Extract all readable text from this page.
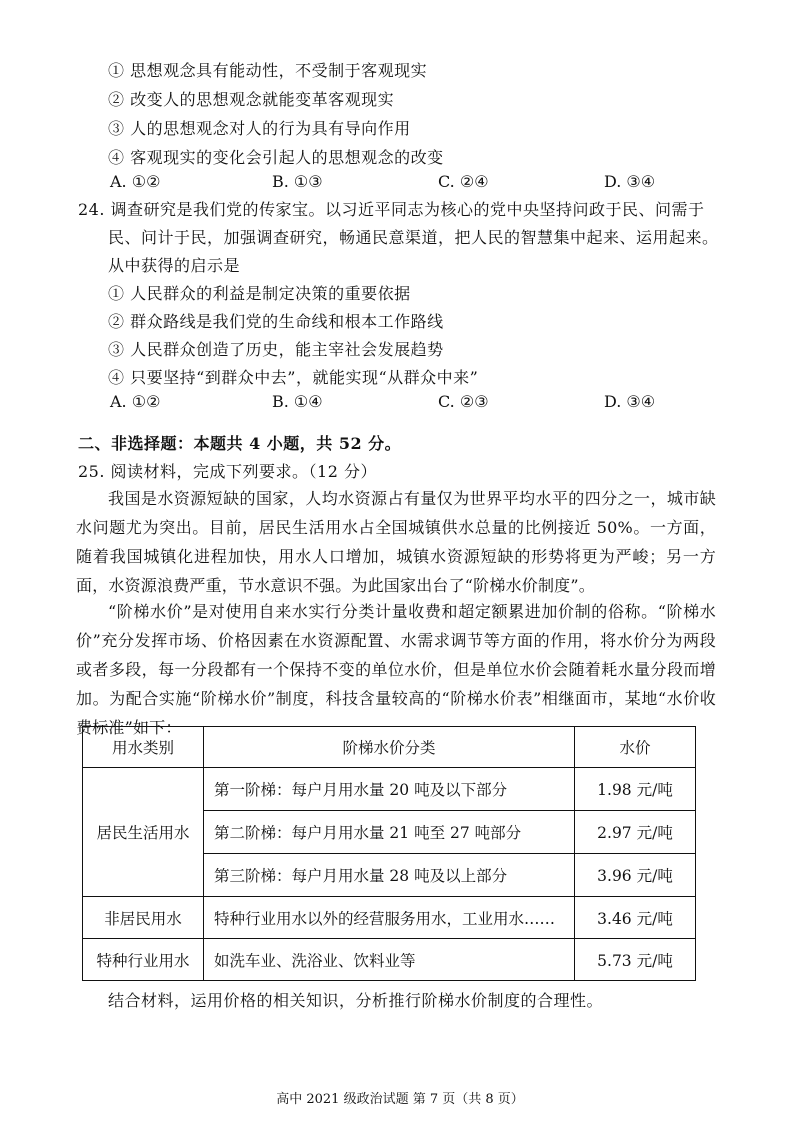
① 思想观念具有能动性，不受制于客观现实
② 改变人的思想观念就能变革客观现实
③ 人的思想观念对人的行为具有导向作用
④ 客观现实的变化会引起人的思想观念的改变
A. ①②	B. ①③	C. ②④	D. ③④
24. 调查研究是我们党的传家宝。以习近平同志为核心的党中央坚持问政于民、问需于
民、问计于民，加强调查研究，畅通民意渠道，把人民的智慧集中起来、运用起来。
从中获得的启示是
① 人民群众的利益是制定决策的重要依据
② 群众路线是我们党的生命线和根本工作路线
③ 人民群众创造了历史，能主宰社会发展趋势
④ 只要坚持“到群众中去”，就能实现“从群众中来”
A. ①②	B. ①④	C. ②③	D. ③④
二、非选择题：本题共 4 小题，共 52 分。
25. 阅读材料，完成下列要求。（12 分）
我国是水资源短缺的国家，人均水资源占有量仅为世界平均水平的四分之一，城市缺水问题尤为突出。目前，居民生活用水占全国城镇供水总量的比例接近 50%。一方面，随着我国城镇化进程加快，用水人口增加，城镇水资源短缺的形势将更为严峻；另一方面，水资源浪费严重，节水意识不强。为此国家出台了“阶梯水价制度”。
“阶梯水价”是对使用自来水实行分类计量收费和超定额累进加价制的俗称。“阶梯水价”充分发挥市场、价格因素在水资源配置、水需求调节等方面的作用，将水价分为两段或者多段，每一分段都有一个保持不变的单位水价，但是单位水价会随着耗水量分段而增加。为配合实施“阶梯水价”制度，科技含量较高的“阶梯水价表”相继面市，某地“水价收费标准”如下：
用水类别	阶梯水价分类	水价
居民生活用水	第一阶梯：每户月用水量 20 吨及以下部分	1.98 元/吨
	第二阶梯：每户月用水量 21 吨至 27 吨部分	2.97 元/吨
	第三阶梯：每户月用水量 28 吨及以上部分	3.96 元/吨
非居民用水	特种行业用水以外的经营服务用水，工业用水……	3.46 元/吨
特种行业用水	如洗车业、洗浴业、饮料业等	5.73 元/吨
结合材料，运用价格的相关知识，分析推行阶梯水价制度的合理性。
高中 2021 级政治试题 第 7 页（共 8 页）
